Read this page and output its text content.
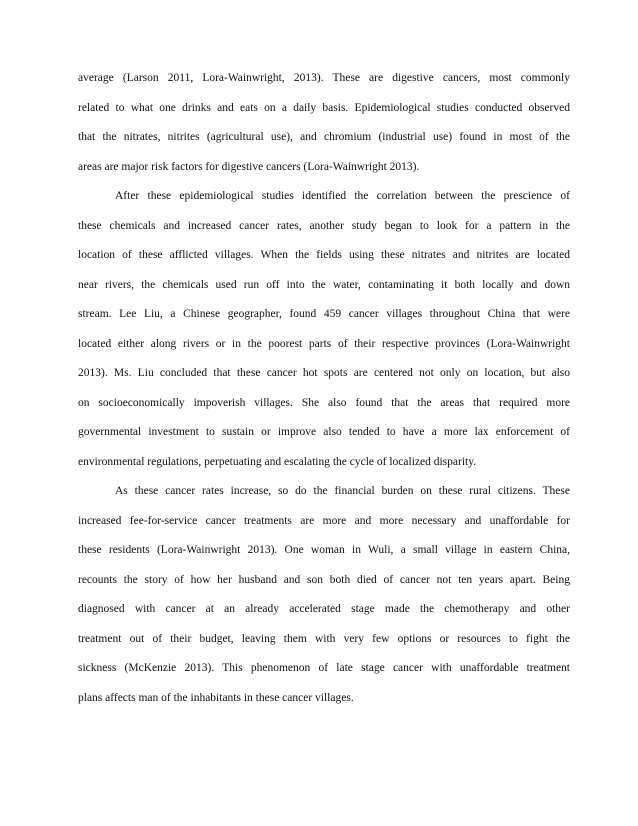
average (Larson 2011, Lora-Wainwright, 2013). These are digestive cancers, most commonly
related to what one drinks and eats on a daily basis. Epidemiological studies conducted observed
that the nitrates, nitrites (agricultural use), and chromium (industrial use) found in most of the
areas are major risk factors for digestive cancers (Lora-Wainwright 2013).
After these epidemiological studies identified the correlation between the prescience of
these chemicals and increased cancer rates, another study began to look for a pattern in the
location of these afflicted villages. When the fields using these nitrates and nitrites are located
near rivers, the chemicals used run off into the water, contaminating it both locally and down
stream. Lee Liu, a Chinese geographer, found 459 cancer villages throughout China that were
located either along rivers or in the poorest parts of their respective provinces (Lora-Wainwright
2013). Ms. Liu concluded that these cancer hot spots are centered not only on location, but also
on socioeconomically impoverish villages. She also found that the areas that required more
governmental investment to sustain or improve also tended to have a more lax enforcement of
environmental regulations, perpetuating and escalating the cycle of localized disparity.
As these cancer rates increase, so do the financial burden on these rural citizens. These
increased fee-for-service cancer treatments are more and more necessary and unaffordable for
these residents (Lora-Wainwright 2013). One woman in Wuli, a small village in eastern China,
recounts the story of how her husband and son both died of cancer not ten years apart. Being
diagnosed with cancer at an already accelerated stage made the chemotherapy and other
treatment out of their budget, leaving them with very few options or resources to fight the
sickness (McKenzie 2013). This phenomenon of late stage cancer with unaffordable treatment
plans affects man of the inhabitants in these cancer villages.
